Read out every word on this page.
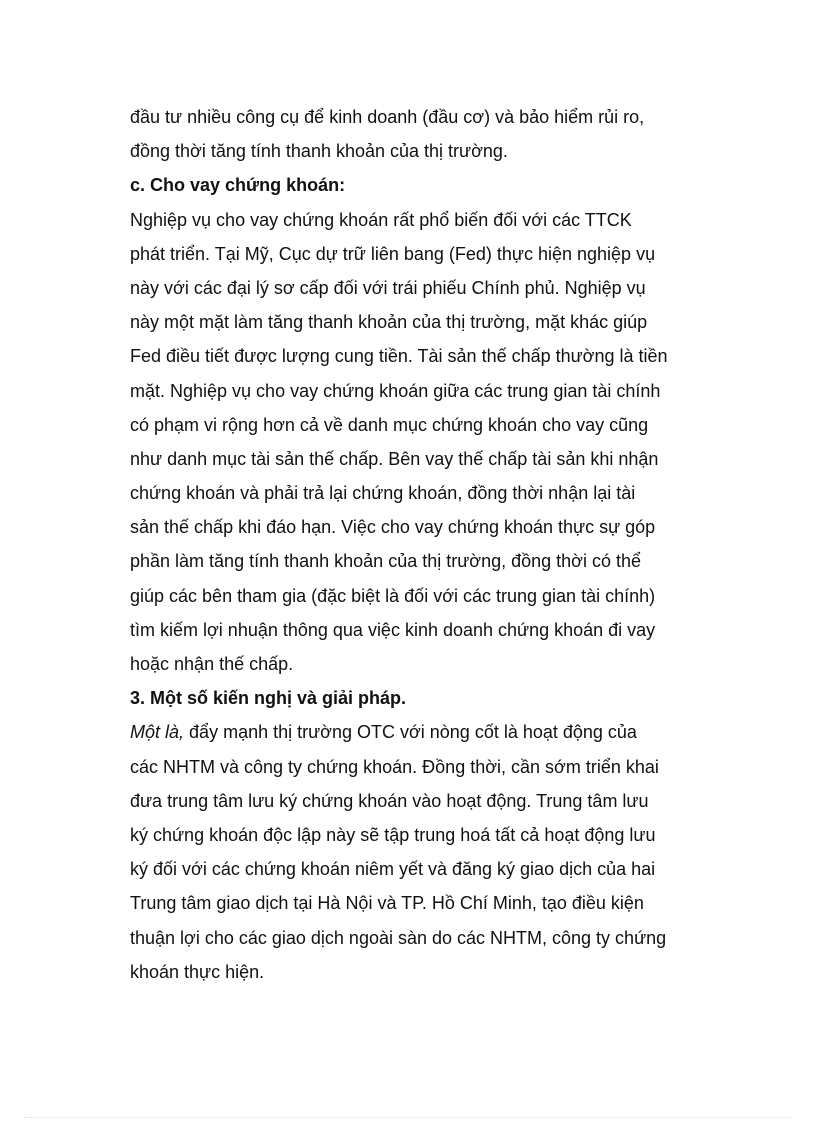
đầu tư nhiều công cụ để kinh doanh (đầu cơ) và bảo hiểm rủi ro,
đồng thời tăng tính thanh khoản của thị trường.
c. Cho vay chứng khoán:
Nghiệp vụ cho vay chứng khoán rất phổ biến đối với các TTCK
phát triển. Tại Mỹ, Cục dự trữ liên bang (Fed) thực hiện nghiệp vụ
này với các đại lý sơ cấp đối với trái phiếu Chính phủ. Nghiệp vụ
này một mặt làm tăng thanh khoản của thị trường, mặt khác giúp
Fed điều tiết được lượng cung tiền. Tài sản thế chấp thường là tiền
mặt. Nghiệp vụ cho vay chứng khoán giữa các trung gian tài chính
có phạm vi rộng hơn cả về danh mục chứng khoán cho vay cũng
như danh mục tài sản thế chấp. Bên vay thế chấp tài sản khi nhận
chứng khoán và phải trả lại chứng khoán, đồng thời nhận lại tài
sản thế chấp khi đáo hạn. Việc cho vay chứng khoán thực sự góp
phần làm tăng tính thanh khoản của thị trường, đồng thời có thể
giúp các bên tham gia (đặc biệt là đối với các trung gian tài chính)
tìm kiếm lợi nhuận thông qua việc kinh doanh chứng khoán đi vay
hoặc nhận thế chấp.
3. Một số kiến nghị và giải pháp.
Một là, đẩy mạnh thị trường OTC với nòng cốt là hoạt động của
các NHTM và công ty chứng khoán. Đồng thời, cần sớm triển khai
đưa trung tâm lưu ký chứng khoán vào hoạt động. Trung tâm lưu
ký chứng khoán độc lập này sẽ tập trung hoá tất cả hoạt động lưu
ký đối với các chứng khoán niêm yết và đăng ký giao dịch của hai
Trung tâm giao dịch tại Hà Nội và TP. Hồ Chí Minh, tạo điều kiện
thuận lợi cho các giao dịch ngoài sàn do các NHTM, công ty chứng
khoán thực hiện.
